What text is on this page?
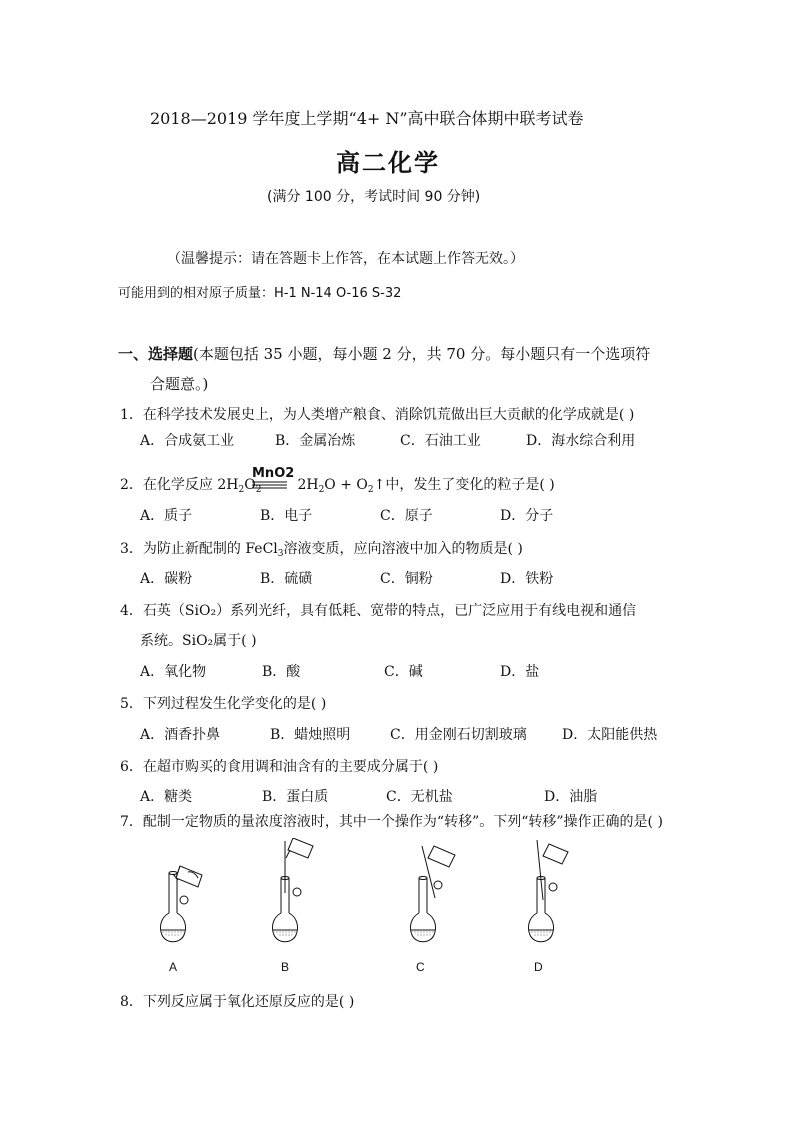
2018—2019 学年度上学期“4+ N”高中联合体期中联考试卷
高二化学
(满分 100 分，考试时间 90 分钟)
（温馨提示：请在答题卡上作答，在本试题上作答无效。）
可能用到的相对原子质量：H-1 N-14 O-16 S-32
一、选择题(本题包括 35 小题，每小题 2 分，共 70 分。每小题只有一个选项符
合题意。)
1．在科学技术发展史上，为人类增产粮食、消除饥荒做出巨大贡献的化学成就是( )
A．合成氨工业	B．金属冶炼	C．石油工业	D．海水综合利用
2．在化学反应 $2H_2O_2$	$2H_2O$ + $O_2↑$中，发生了变化的粒子是( )
MnO2
A．质子	B．电子	C．原子	D．分子
3．为防止新配制的 FeCl$_3$溶液变质，应向溶液中加入的物质是( )
A．碳粉	B．硫磺	C．铜粉	D．铁粉
4．石英（SiO₂）系列光纤，具有低耗、宽带的特点，已广泛应用于有线电视和通信
系统。SiO₂属于( )
A．氧化物	B．酸	C．碱	D．盐
5．下列过程发生化学变化的是( )
A．酒香扑鼻	B．蜡烛照明	C．用金刚石切割玻璃	D．太阳能供热
6．在超市购买的食用调和油含有的主要成分属于( )
A．糖类	B．蛋白质	C．无机盐	D．油脂
7．配制一定物质的量浓度溶液时，其中一个操作为“转移”。下列“转移”操作正确的是( )
A	B	C	D
8．下列反应属于氧化还原反应的是( )
